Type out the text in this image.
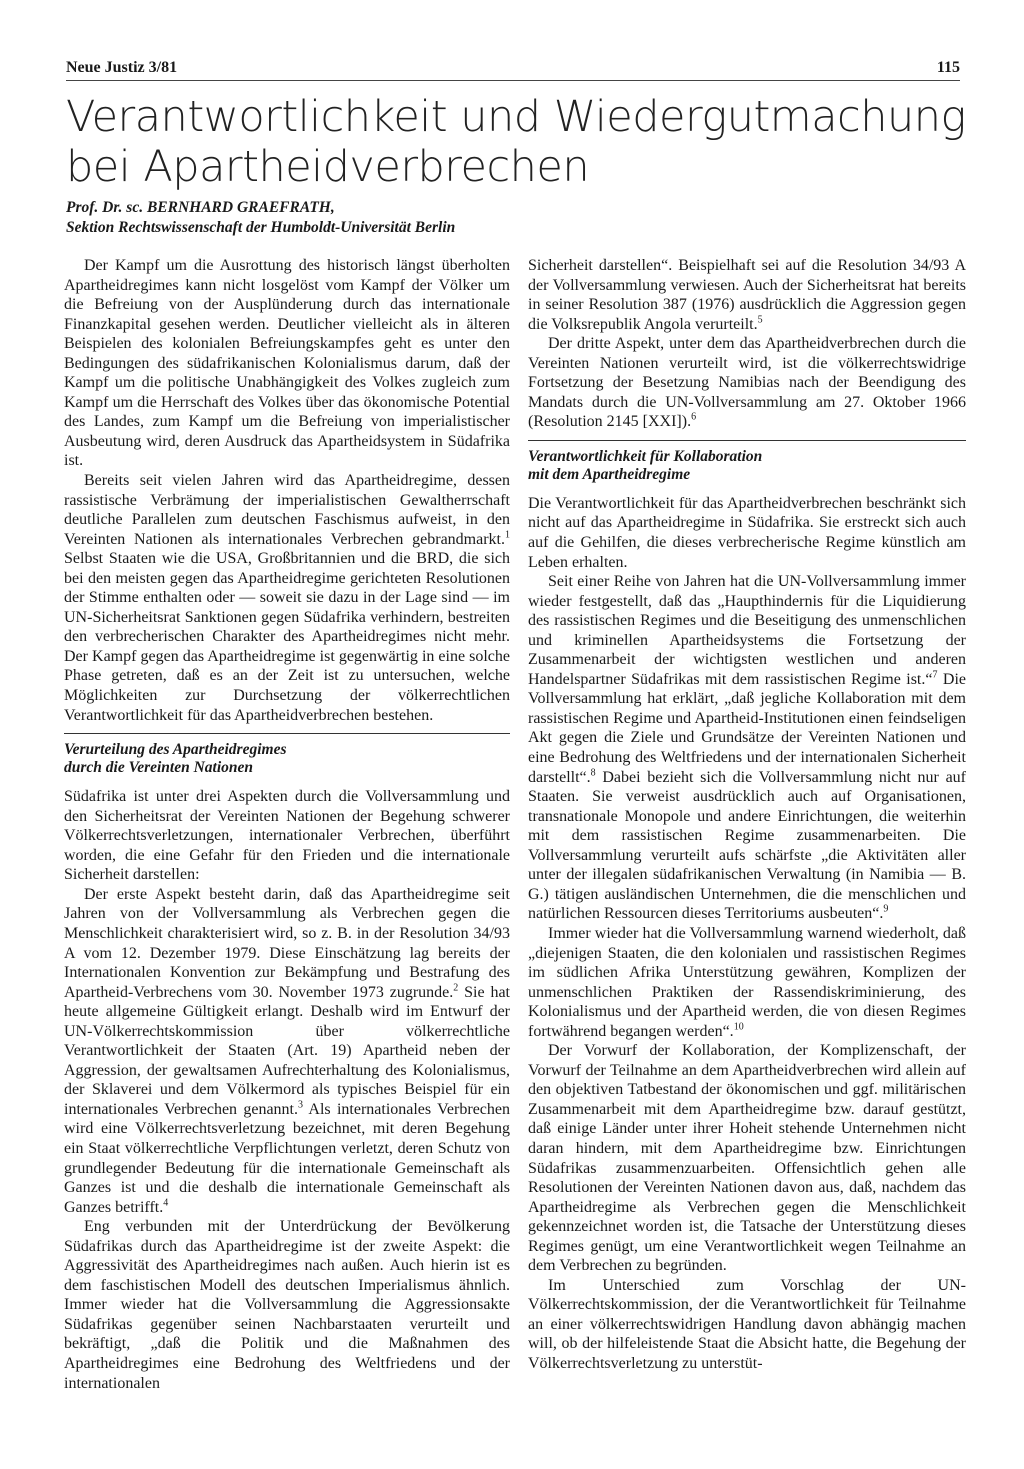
Neue Justiz 3/81	115
Verantwortlichkeit und Wiedergutmachung
bei Apartheidverbrechen
Prof. Dr. sc. BERNHARD GRAEFRATH,
Sektion Rechtswissenschaft der Humboldt-Universität Berlin

Der Kampf um die Ausrottung des historisch längst überholten Apartheidregimes kann nicht losgelöst vom Kampf der Völker um die Befreiung von der Ausplünderung durch das internationale Finanzkapital gesehen werden. Deutlicher vielleicht als in älteren Beispielen des kolonialen Befreiungskampfes geht es unter den Bedingungen des südafrikanischen Kolonialismus darum, daß der Kampf um die politische Unabhängigkeit des Volkes zugleich zum Kampf um die Herrschaft des Volkes über das ökonomische Potential des Landes, zum Kampf um die Befreiung von imperialistischer Ausbeutung wird, deren Ausdruck das Apartheidsystem in Südafrika ist.

Bereits seit vielen Jahren wird das Apartheidregime, dessen rassistische Verbrämung der imperialistischen Gewaltherrschaft deutliche Parallelen zum deutschen Faschismus aufweist, in den Vereinten Nationen als internationales Verbrechen gebrandmarkt.$^1$ Selbst Staaten wie die USA, Großbritannien und die BRD, die sich bei den meisten gegen das Apartheidregime gerichteten Resolutionen der Stimme enthalten oder — soweit sie dazu in der Lage sind — im UN-Sicherheitsrat Sanktionen gegen Südafrika verhindern, bestreiten den verbrecherischen Charakter des Apartheidregimes nicht mehr. Der Kampf gegen das Apartheidregime ist gegenwärtig in eine solche Phase getreten, daß es an der Zeit ist zu untersuchen, welche Möglichkeiten zur Durchsetzung der völkerrechtlichen Verantwortlichkeit für das Apartheidverbrechen bestehen.

Verurteilung des Apartheidregimes
durch die Vereinten Nationen

Südafrika ist unter drei Aspekten durch die Vollversammlung und den Sicherheitsrat der Vereinten Nationen der Begehung schwerer Völkerrechtsverletzungen, internationaler Verbrechen, überführt worden, die eine Gefahr für den Frieden und die internationale Sicherheit darstellen:

Der erste Aspekt besteht darin, daß das Apartheidregime seit Jahren von der Vollversammlung als Verbrechen gegen die Menschlichkeit charakterisiert wird, so z. B. in der Resolution 34/93 A vom 12. Dezember 1979. Diese Einschätzung lag bereits der Internationalen Konvention zur Bekämpfung und Bestrafung des Apartheid-Verbrechens vom 30. November 1973 zugrunde.$^2$ Sie hat heute allgemeine Gültigkeit erlangt. Deshalb wird im Entwurf der UN-Völkerrechtskommission über völkerrechtliche Verantwortlichkeit der Staaten (Art. 19) Apartheid neben der Aggression, der gewaltsamen Aufrechterhaltung des Kolonialismus, der Sklaverei und dem Völkermord als typisches Beispiel für ein internationales Verbrechen genannt.$^3$ Als internationales Verbrechen wird eine Völkerrechtsverletzung bezeichnet, mit deren Begehung ein Staat völkerrechtliche Verpflichtungen verletzt, deren Schutz von grundlegender Bedeutung für die internationale Gemeinschaft als Ganzes ist und die deshalb die internationale Gemeinschaft als Ganzes betrifft.$^4$

Eng verbunden mit der Unterdrückung der Bevölkerung Südafrikas durch das Apartheidregime ist der zweite Aspekt: die Aggressivität des Apartheidregimes nach außen. Auch hierin ist es dem faschistischen Modell des deutschen Imperialismus ähnlich. Immer wieder hat die Vollversammlung die Aggressionsakte Südafrikas gegenüber seinen Nachbarstaaten verurteilt und bekräftigt, „daß die Politik und die Maßnahmen des Apartheidregimes eine Bedrohung des Weltfriedens und der internationalen

Sicherheit darstellen“. Beispielhaft sei auf die Resolution 34/93 A der Vollversammlung verwiesen. Auch der Sicherheitsrat hat bereits in seiner Resolution 387 (1976) ausdrücklich die Aggression gegen die Volksrepublik Angola verurteilt.$^5$

Der dritte Aspekt, unter dem das Apartheidverbrechen durch die Vereinten Nationen verurteilt wird, ist die völkerrechtswidrige Fortsetzung der Besetzung Namibias nach der Beendigung des Mandats durch die UN-Vollversammlung am 27. Oktober 1966 (Resolution 2145 [XXI]).$^6$

Verantwortlichkeit für Kollaboration
mit dem Apartheidregime

Die Verantwortlichkeit für das Apartheidverbrechen beschränkt sich nicht auf das Apartheidregime in Südafrika. Sie erstreckt sich auch auf die Gehilfen, die dieses verbrecherische Regime künstlich am Leben erhalten.

Seit einer Reihe von Jahren hat die UN-Vollversammlung immer wieder festgestellt, daß das „Haupthindernis für die Liquidierung des rassistischen Regimes und die Beseitigung des unmenschlichen und kriminellen Apartheidsystems die Fortsetzung der Zusammenarbeit der wichtigsten westlichen und anderen Handelspartner Südafrikas mit dem rassistischen Regime ist.“$^7$ Die Vollversammlung hat erklärt, „daß jegliche Kollaboration mit dem rassistischen Regime und Apartheid-Institutionen einen feindseligen Akt gegen die Ziele und Grundsätze der Vereinten Nationen und eine Bedrohung des Weltfriedens und der internationalen Sicherheit darstellt“.$^8$ Dabei bezieht sich die Vollversammlung nicht nur auf Staaten. Sie verweist ausdrücklich auch auf Organisationen, transnationale Monopole und andere Einrichtungen, die weiterhin mit dem rassistischen Regime zusammenarbeiten. Die Vollversammlung verurteilt aufs schärfste „die Aktivitäten aller unter der illegalen südafrikanischen Verwaltung (in Namibia — B. G.) tätigen ausländischen Unternehmen, die die menschlichen und natürlichen Ressourcen dieses Territoriums ausbeuten“.$^9$

Immer wieder hat die Vollversammlung warnend wiederholt, daß „diejenigen Staaten, die den kolonialen und rassistischen Regimes im südlichen Afrika Unterstützung gewähren, Komplizen der unmenschlichen Praktiken der Rassendiskriminierung, des Kolonialismus und der Apartheid werden, die von diesen Regimes fortwährend begangen werden“.$^{10}$

Der Vorwurf der Kollaboration, der Komplizenschaft, der Vorwurf der Teilnahme an dem Apartheidverbrechen wird allein auf den objektiven Tatbestand der ökonomischen und ggf. militärischen Zusammenarbeit mit dem Apartheidregime bzw. darauf gestützt, daß einige Länder unter ihrer Hoheit stehende Unternehmen nicht daran hindern, mit dem Apartheidregime bzw. Einrichtungen Südafrikas zusammenzuarbeiten. Offensichtlich gehen alle Resolutionen der Vereinten Nationen davon aus, daß, nachdem das Apartheidregime als Verbrechen gegen die Menschlichkeit gekennzeichnet worden ist, die Tatsache der Unterstützung dieses Regimes genügt, um eine Verantwortlichkeit wegen Teilnahme an dem Verbrechen zu begründen.

Im Unterschied zum Vorschlag der UN-Völkerrechtskommission, der die Verantwortlichkeit für Teilnahme an einer völkerrechtswidrigen Handlung davon abhängig machen will, ob der hilfeleistende Staat die Absicht hatte, die Begehung der Völkerrechtsverletzung zu unterstüt-
